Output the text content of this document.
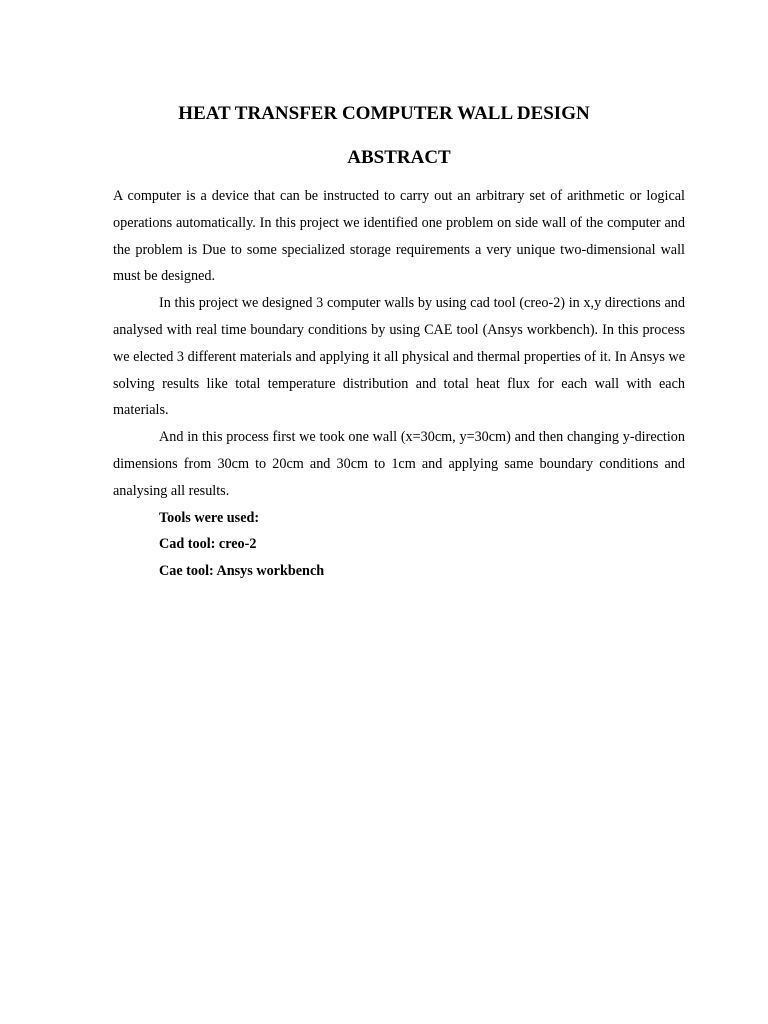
HEAT TRANSFER COMPUTER WALL DESIGN
ABSTRACT

A computer is a device that can be instructed to carry out an arbitrary set of arithmetic or logical operations automatically. In this project we identified one problem on side wall of the computer and the problem is Due to some specialized storage requirements a very unique two-dimensional wall must be designed.

In this project we designed 3 computer walls by using cad tool (creo-2) in x,y directions and analysed with real time boundary conditions by using CAE tool (Ansys workbench). In this process we elected 3 different materials and applying it all physical and thermal properties of it. In Ansys we solving results like total temperature distribution and total heat flux for each wall with each materials.

And in this process first we took one wall (x=30cm, y=30cm) and then changing y-direction dimensions from 30cm to 20cm and 30cm to 1cm and applying same boundary conditions and analysing all results.

Tools were used:

Cad tool: creo-2

Cae tool: Ansys workbench
